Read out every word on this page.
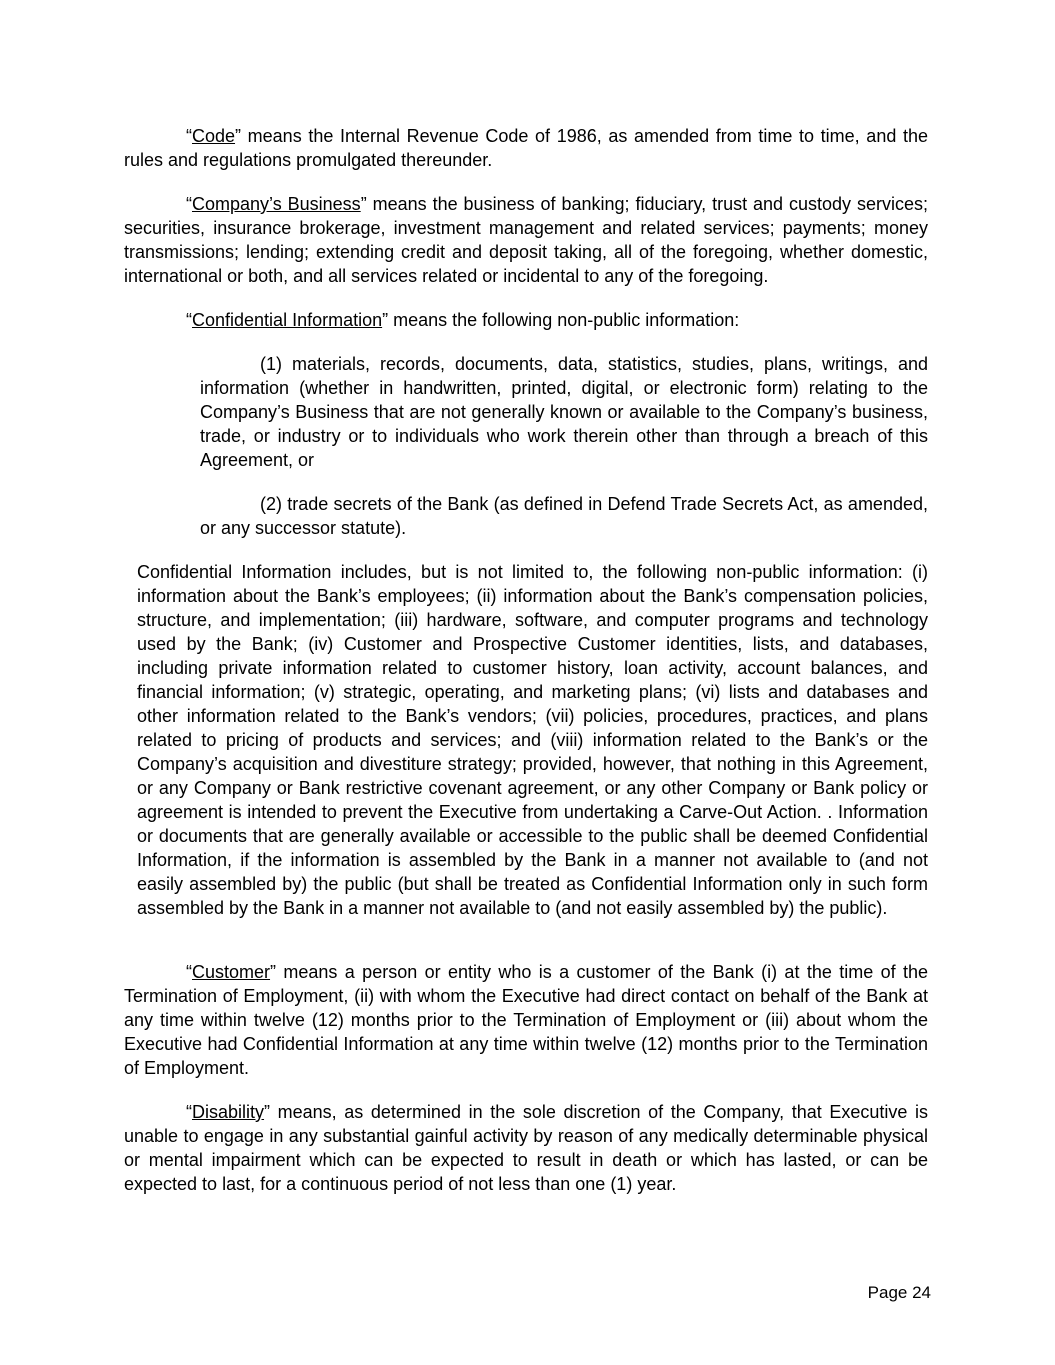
“Code” means the Internal Revenue Code of 1986, as amended from time to time, and the rules and regulations promulgated thereunder.

“Company’s Business” means the business of banking; fiduciary, trust and custody services; securities, insurance brokerage, investment management and related services; payments; money transmissions; lending; extending credit and deposit taking, all of the foregoing, whether domestic, international or both, and all services related or incidental to any of the foregoing.

“Confidential Information” means the following non-public information:

(1) materials, records, documents, data, statistics, studies, plans, writings, and information (whether in handwritten, printed, digital, or electronic form) relating to the Company’s Business that are not generally known or available to the Company’s business, trade, or industry or to individuals who work therein other than through a breach of this Agreement, or

(2) trade secrets of the Bank (as defined in Defend Trade Secrets Act, as amended, or any successor statute).

Confidential Information includes, but is not limited to, the following non-public information: (i) information about the Bank’s employees; (ii) information about the Bank’s compensation policies, structure, and implementation; (iii) hardware, software, and computer programs and technology used by the Bank; (iv) Customer and Prospective Customer identities, lists, and databases, including private information related to customer history, loan activity, account balances, and financial information; (v) strategic, operating, and marketing plans; (vi) lists and databases and other information related to the Bank’s vendors; (vii) policies, procedures, practices, and plans related to pricing of products and services; and (viii) information related to the Bank’s or the Company’s acquisition and divestiture strategy; provided, however, that nothing in this Agreement, or any Company or Bank restrictive covenant agreement, or any other Company or Bank policy or agreement is intended to prevent the Executive from undertaking a Carve-Out Action. . Information or documents that are generally available or accessible to the public shall be deemed Confidential Information, if the information is assembled by the Bank in a manner not available to (and not easily assembled by) the public (but shall be treated as Confidential Information only in such form assembled by the Bank in a manner not available to (and not easily assembled by) the public).

“Customer” means a person or entity who is a customer of the Bank (i) at the time of the Termination of Employment, (ii) with whom the Executive had direct contact on behalf of the Bank at any time within twelve (12) months prior to the Termination of Employment or (iii) about whom the Executive had Confidential Information at any time within twelve (12) months prior to the Termination of Employment.

“Disability” means, as determined in the sole discretion of the Company, that Executive is unable to engage in any substantial gainful activity by reason of any medically determinable physical or mental impairment which can be expected to result in death or which has lasted, or can be expected to last, for a continuous period of not less than one (1) year.

Page 24
